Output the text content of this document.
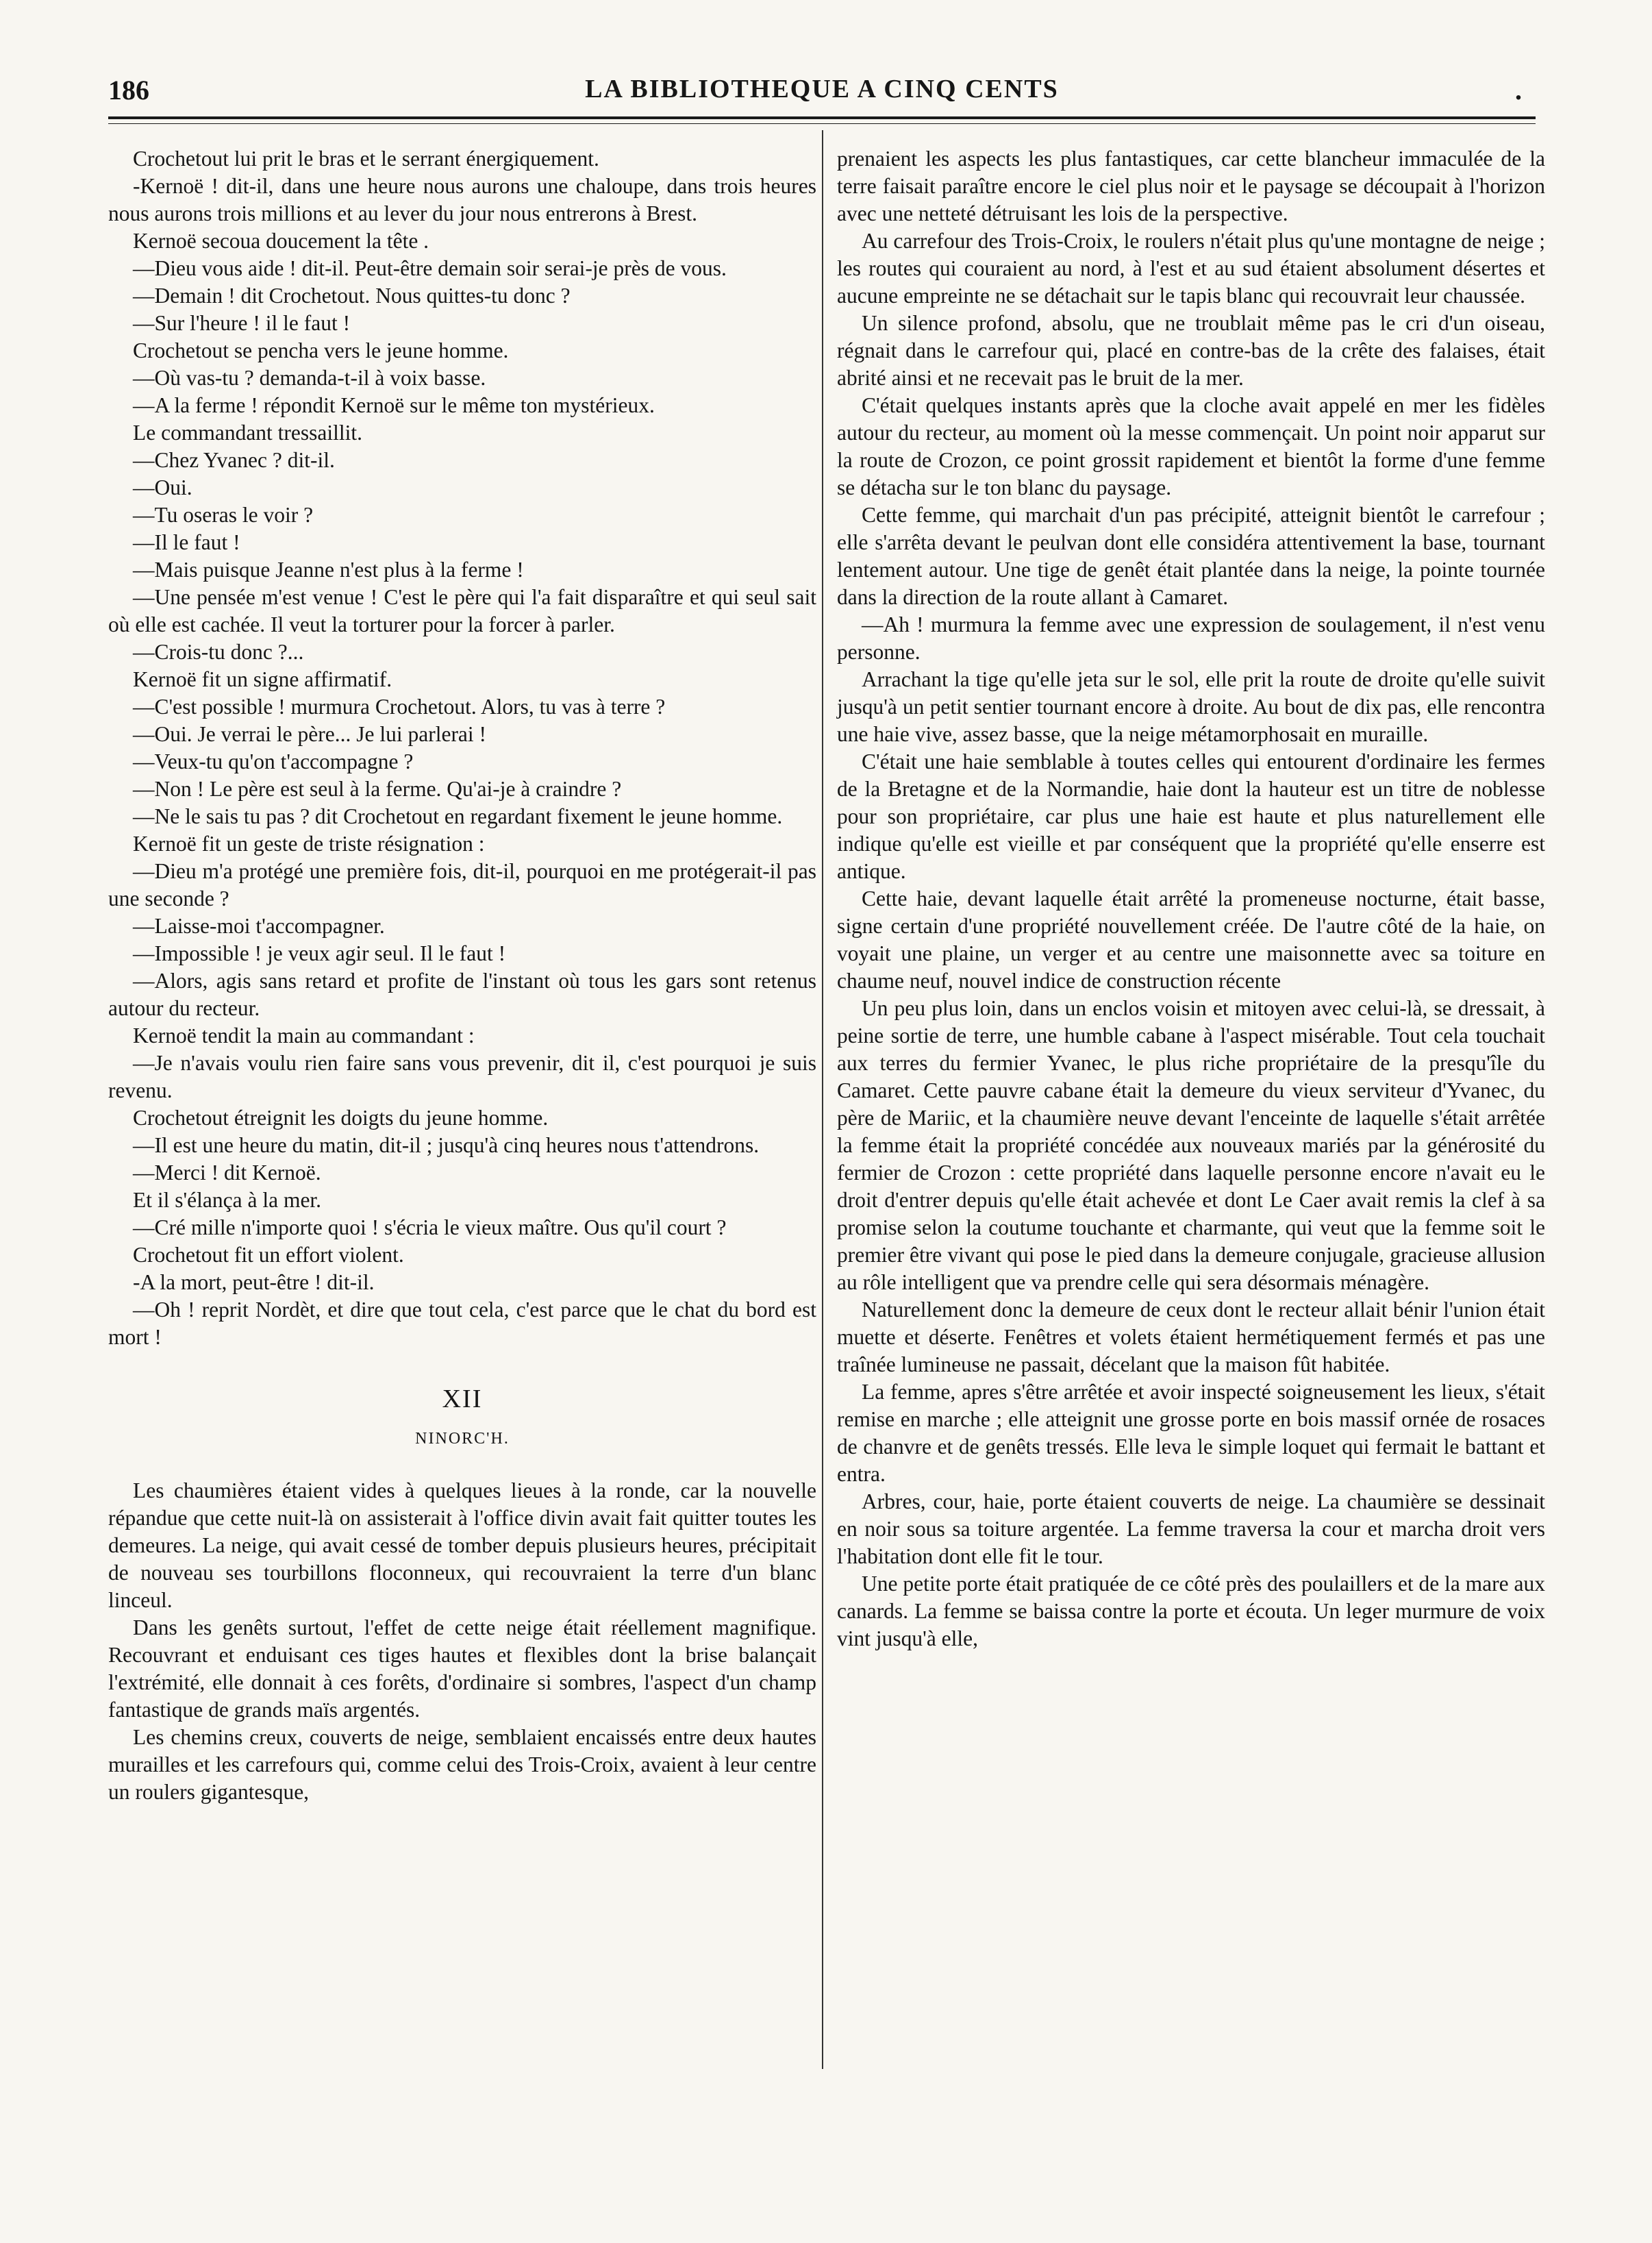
186	LA BIBLIOTHEQUE A CINQ CENTS	.

Crochetout lui prit le bras et le serrant énergiquement.

-Kernoë ! dit-il, dans une heure nous aurons une chaloupe, dans trois heures nous aurons trois millions et au lever du jour nous entrerons à Brest.

Kernoë secoua doucement la tête .

—Dieu vous aide ! dit-il. Peut-être demain soir serai-je près de vous.

—Demain ! dit Crochetout. Nous quittes-tu donc ?

—Sur l'heure ! il le faut !

Crochetout se pencha vers le jeune homme.

—Où vas-tu ? demanda-t-il à voix basse.

—A la ferme ! répondit Kernoë sur le même ton mystérieux.

Le commandant tressaillit.

—Chez Yvanec ? dit-il.

—Oui.

—Tu oseras le voir ?

—Il le faut !

—Mais puisque Jeanne n'est plus à la ferme !

—Une pensée m'est venue ! C'est le père qui l'a fait disparaître et qui seul sait où elle est cachée. Il veut la torturer pour la forcer à parler.

—Crois-tu donc ?...

Kernoë fit un signe affirmatif.

—C'est possible ! murmura Crochetout. Alors, tu vas à terre ?

—Oui. Je verrai le père... Je lui parlerai !

—Veux-tu qu'on t'accompagne ?

—Non ! Le père est seul à la ferme. Qu'ai-je à craindre ?

—Ne le sais tu pas ? dit Crochetout en regardant fixement le jeune homme.

Kernoë fit un geste de triste résignation :

—Dieu m'a protégé une première fois, dit-il, pourquoi en me protégerait-il pas une seconde ?

—Laisse-moi t'accompagner.

—Impossible ! je veux agir seul. Il le faut !

—Alors, agis sans retard et profite de l'instant où tous les gars sont retenus autour du recteur.

Kernoë tendit la main au commandant :

—Je n'avais voulu rien faire sans vous prevenir, dit il, c'est pourquoi je suis revenu.

Crochetout étreignit les doigts du jeune homme.

—Il est une heure du matin, dit-il ; jusqu'à cinq heures nous t'attendrons.

—Merci ! dit Kernoë.

Et il s'élança à la mer.

—Cré mille n'importe quoi ! s'écria le vieux maître. Ous qu'il court ?

Crochetout fit un effort violent.

-A la mort, peut-être ! dit-il.

—Oh ! reprit Nordèt, et dire que tout cela, c'est parce que le chat du bord est mort !

XII
NINORC'H.

Les chaumières étaient vides à quelques lieues à la ronde, car la nouvelle répandue que cette nuit-là on assisterait à l'office divin avait fait quitter toutes les demeures. La neige, qui avait cessé de tomber depuis plusieurs heures, précipitait de nouveau ses tourbillons floconneux, qui recouvraient la terre d'un blanc linceul.

Dans les genêts surtout, l'effet de cette neige était réellement magnifique. Recouvrant et enduisant ces tiges hautes et flexibles dont la brise balançait l'extrémité, elle donnait à ces forêts, d'ordinaire si sombres, l'aspect d'un champ fantastique de grands maïs argentés.

Les chemins creux, couverts de neige, semblaient encaissés entre deux hautes murailles et les carrefours qui, comme celui des Trois-Croix, avaient à leur centre un roulers gigantesque,

prenaient les aspects les plus fantastiques, car cette blancheur immaculée de la terre faisait paraître encore le ciel plus noir et le paysage se découpait à l'horizon avec une netteté détruisant les lois de la perspective.

Au carrefour des Trois-Croix, le roulers n'était plus qu'une montagne de neige ; les routes qui couraient au nord, à l'est et au sud étaient absolument désertes et aucune empreinte ne se détachait sur le tapis blanc qui recouvrait leur chaussée.

Un silence profond, absolu, que ne troublait même pas le cri d'un oiseau, régnait dans le carrefour qui, placé en contre-bas de la crête des falaises, était abrité ainsi et ne recevait pas le bruit de la mer.

C'était quelques instants après que la cloche avait appelé en mer les fidèles autour du recteur, au moment où la messe commençait. Un point noir apparut sur la route de Crozon, ce point grossit rapidement et bientôt la forme d'une femme se détacha sur le ton blanc du paysage.

Cette femme, qui marchait d'un pas précipité, atteignit bientôt le carrefour ; elle s'arrêta devant le peulvan dont elle considéra attentivement la base, tournant lentement autour. Une tige de genêt était plantée dans la neige, la pointe tournée dans la direction de la route allant à Camaret.

—Ah ! murmura la femme avec une expression de soulagement, il n'est venu personne.

Arrachant la tige qu'elle jeta sur le sol, elle prit la route de droite qu'elle suivit jusqu'à un petit sentier tournant encore à droite. Au bout de dix pas, elle rencontra une haie vive, assez basse, que la neige métamorphosait en muraille.

C'était une haie semblable à toutes celles qui entourent d'ordinaire les fermes de la Bretagne et de la Normandie, haie dont la hauteur est un titre de noblesse pour son propriétaire, car plus une haie est haute et plus naturellement elle indique qu'elle est vieille et par conséquent que la propriété qu'elle enserre est antique.

Cette haie, devant laquelle était arrêté la promeneuse nocturne, était basse, signe certain d'une propriété nouvellement créée. De l'autre côté de la haie, on voyait une plaine, un verger et au centre une maisonnette avec sa toiture en chaume neuf, nouvel indice de construction récente

Un peu plus loin, dans un enclos voisin et mitoyen avec celui-là, se dressait, à peine sortie de terre, une humble cabane à l'aspect misérable. Tout cela touchait aux terres du fermier Yvanec, le plus riche propriétaire de la presqu'île du Camaret. Cette pauvre cabane était la demeure du vieux serviteur d'Yvanec, du père de Mariic, et la chaumière neuve devant l'enceinte de laquelle s'était arrêtée la femme était la propriété concédée aux nouveaux mariés par la générosité du fermier de Crozon : cette propriété dans laquelle personne encore n'avait eu le droit d'entrer depuis qu'elle était achevée et dont Le Caer avait remis la clef à sa promise selon la coutume touchante et charmante, qui veut que la femme soit le premier être vivant qui pose le pied dans la demeure conjugale, gracieuse allusion au rôle intelligent que va prendre celle qui sera désormais ménagère.

Naturellement donc la demeure de ceux dont le recteur allait bénir l'union était muette et déserte. Fenêtres et volets étaient hermétiquement fermés et pas une traînée lumineuse ne passait, décelant que la maison fût habitée.

La femme, apres s'être arrêtée et avoir inspecté soigneusement les lieux, s'était remise en marche ; elle atteignit une grosse porte en bois massif ornée de rosaces de chanvre et de genêts tressés. Elle leva le simple loquet qui fermait le battant et entra.

Arbres, cour, haie, porte étaient couverts de neige. La chaumière se dessinait en noir sous sa toiture argentée. La femme traversa la cour et marcha droit vers l'habitation dont elle fit le tour.

Une petite porte était pratiquée de ce côté près des poulaillers et de la mare aux canards. La femme se baissa contre la porte et écouta. Un leger murmure de voix vint jusqu'à elle,
